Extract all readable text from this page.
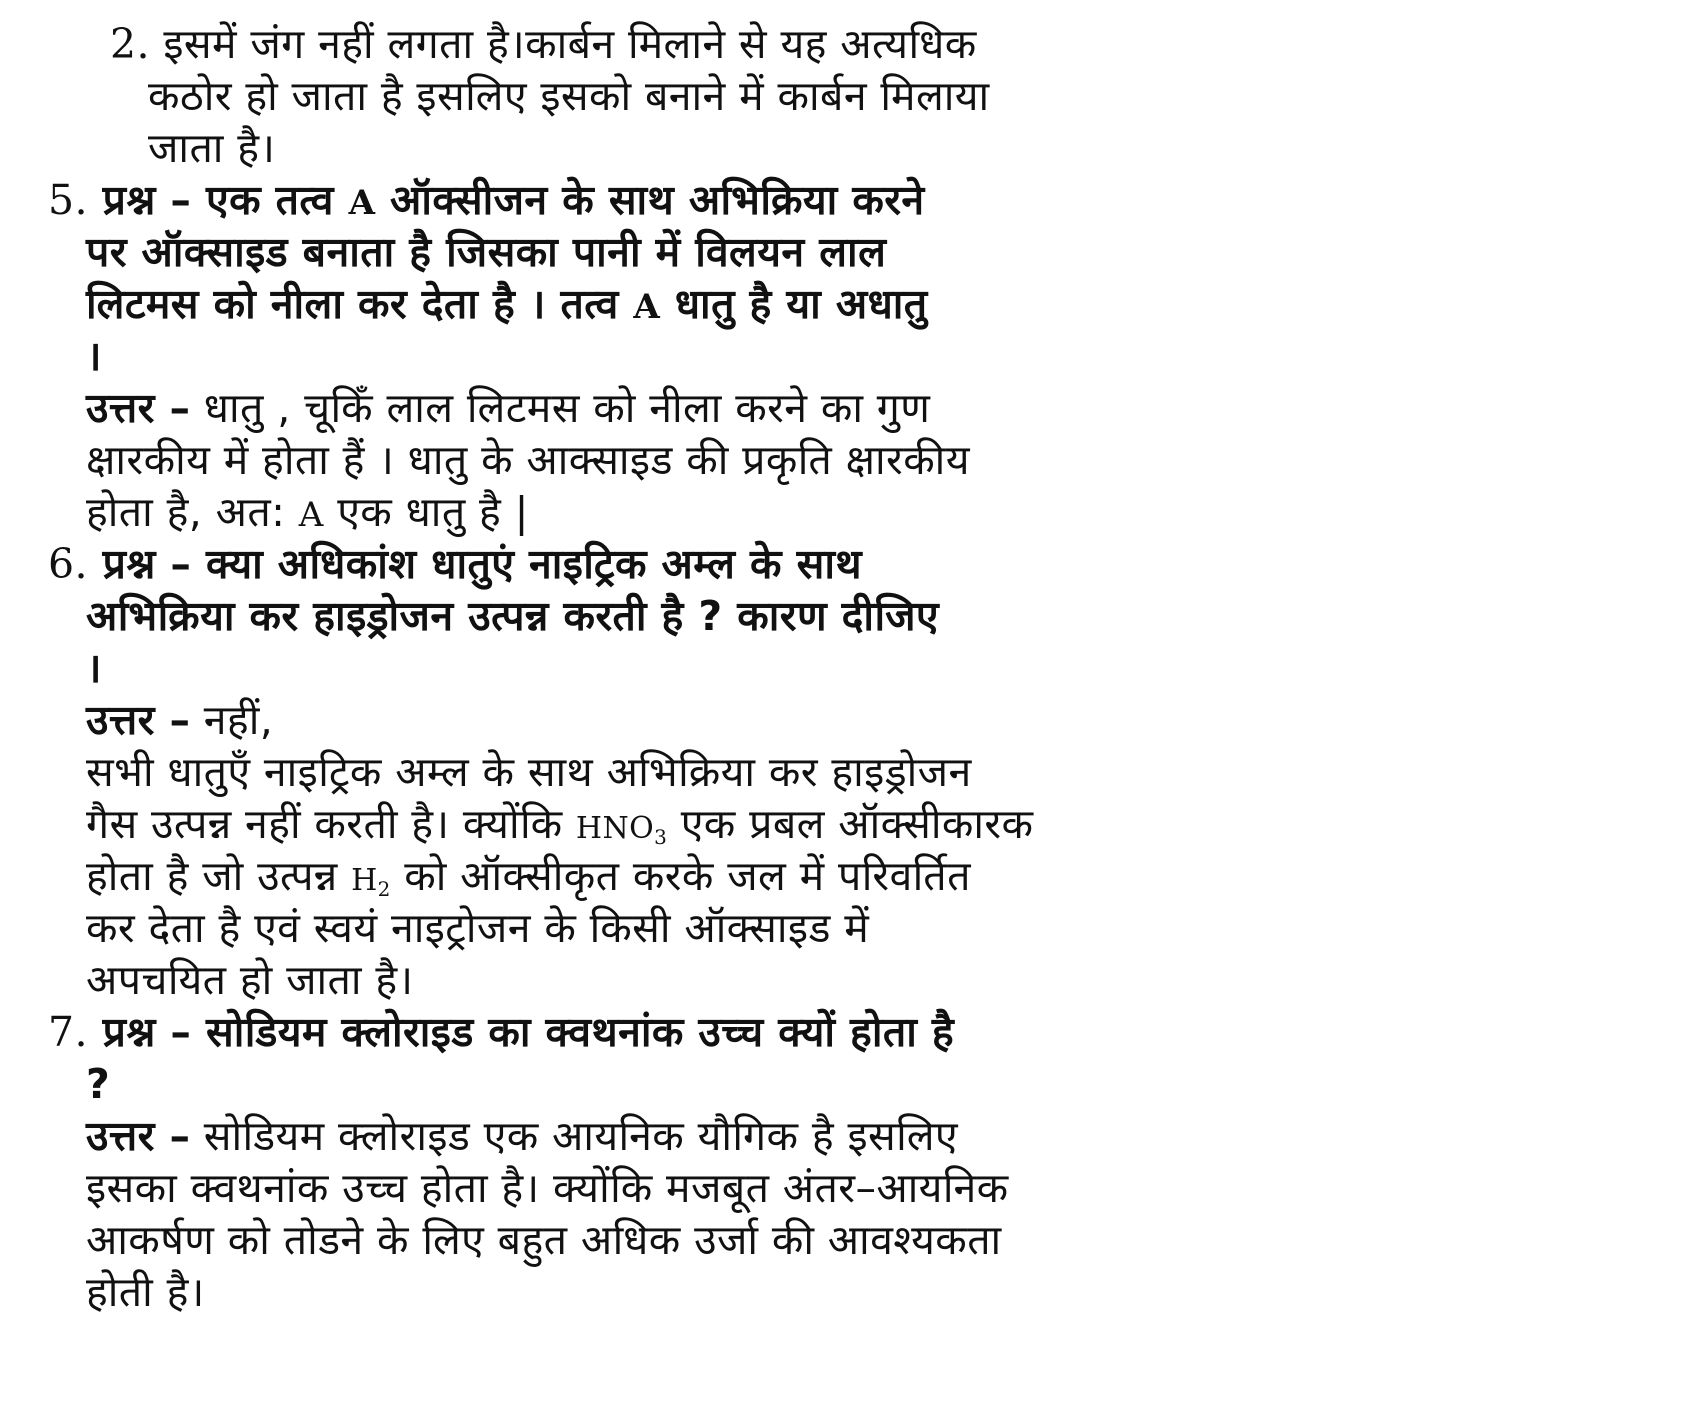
2. इसमें जंग नहीं लगता है।कार्बन मिलाने से यह अत्यधिक
कठोर हो जाता है इसलिए इसको बनाने में कार्बन मिलाया
जाता है।
5. प्रश्न – एक तत्व A ऑक्सीजन के साथ अभिक्रिया करने
पर ऑक्साइड बनाता है जिसका पानी में विलयन लाल
लिटमस को नीला कर देता है । तत्व A धातु है या अधातु
।
उत्तर – धातु , चूकिँ लाल लिटमस को नीला करने का गुण
क्षारकीय में होता हैं । धातु के आक्साइड की प्रकृति क्षारकीय
होता है, अत: A एक धातु है |
6. प्रश्न – क्या अधिकांश धातुएं नाइट्रिक अम्ल के साथ
अभिक्रिया कर हाइड्रोजन उत्पन्न करती है ? कारण दीजिए
।
उत्तर – नहीं,
सभी धातुएँ नाइट्रिक अम्ल के साथ अभिक्रिया कर हाइड्रोजन
गैस उत्पन्न नहीं करती है। क्योंकि $HNO_3$ एक प्रबल ऑक्सीकारक
होता है जो उत्पन्न $H_2$ को ऑक्सीकृत करके जल में परिवर्तित
कर देता है एवं स्वयं नाइट्रोजन के किसी ऑक्साइड में
अपचयित हो जाता है।
7. प्रश्न – सोडियम क्लोराइड का क्वथनांक उच्च क्यों होता है
?
उत्तर – सोडियम क्लोराइड एक आयनिक यौगिक है इसलिए
इसका क्वथनांक उच्च होता है। क्योंकि मजबूत अंतर–आयनिक
आकर्षण को तोडने के लिए बहुत अधिक उर्जा की आवश्यकता
होती है।
